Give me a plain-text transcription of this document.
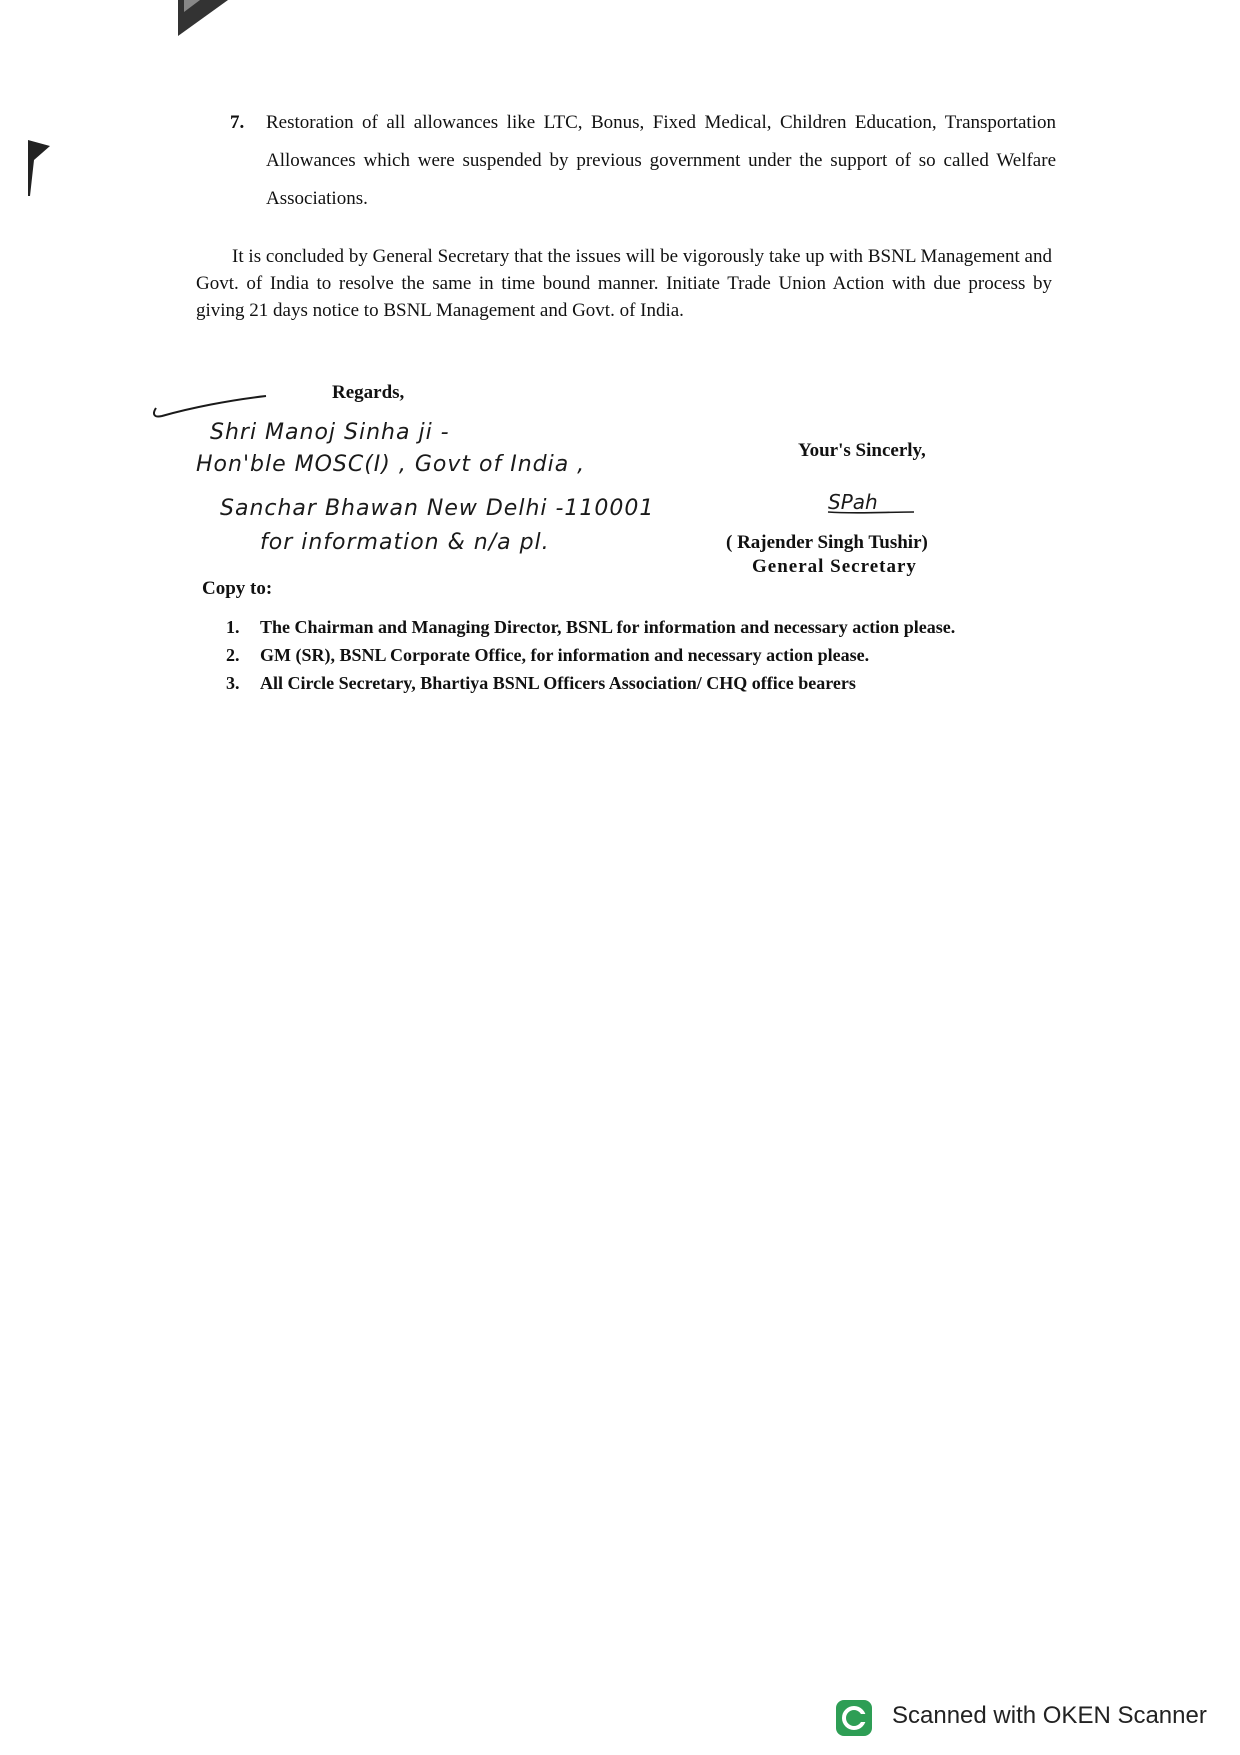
7. Restoration of all allowances like LTC, Bonus, Fixed Medical, Children Education, Transportation Allowances which were suspended by previous government under the support of so called Welfare Associations.
It is concluded by General Secretary that the issues will be vigorously take up with BSNL Management and Govt. of India to resolve the same in time bound manner. Initiate Trade Union Action with due process by giving 21 days notice to BSNL Management and Govt. of India.
Regards,
Shri Manoj Sinha ji -
Hon'ble MOSC(I) , Govt of India ,
Sanchar Bhawan New Delhi -110001
for information & n/a pl.
Your's Sincerly,
SPah
( Rajender Singh Tushir)
General Secretary
Copy to:
1. The Chairman and Managing Director, BSNL for information and necessary action please.
2. GM (SR), BSNL Corporate Office, for information and necessary action please.
3. All Circle Secretary, Bhartiya BSNL Officers Association/ CHQ office bearers
Scanned with OKEN Scanner
